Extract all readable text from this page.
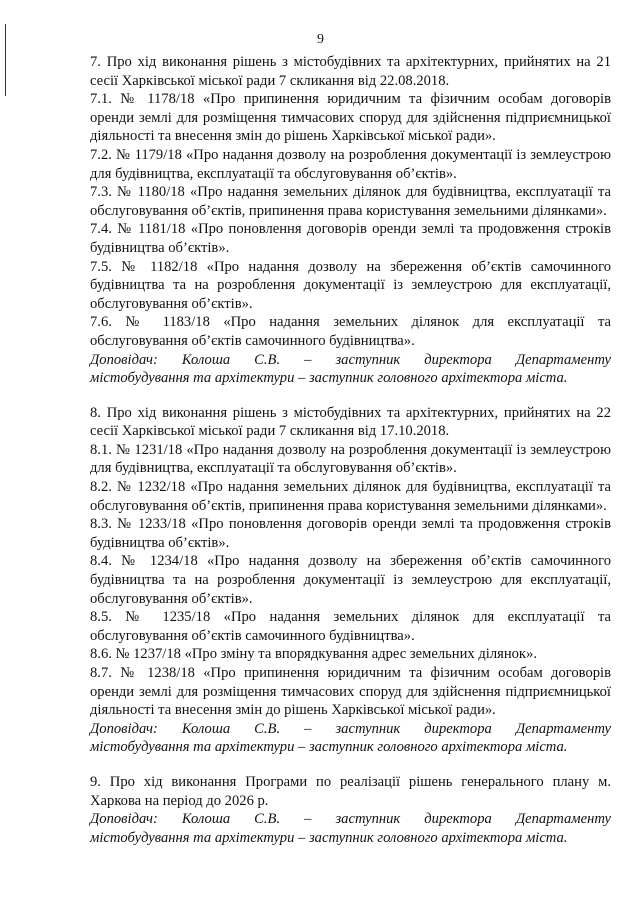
9

7. Про хід виконання рішень з містобудівних та архітектурних, прийнятих на 21 сесії Харківської міської ради 7 скликання від 22.08.2018.

7.1. № 1178/18 «Про припинення юридичним та фізичним особам договорів оренди землі для розміщення тимчасових споруд для здійснення підприємницької діяльності та внесення змін до рішень Харківської міської ради».

7.2. № 1179/18 «Про надання дозволу на розроблення документації із землеустрою для будівництва, експлуатації та обслуговування об’єктів».

7.3. № 1180/18 «Про надання земельних ділянок для будівництва, експлуатації та обслуговування об’єктів, припинення права користування земельними ділянками».

7.4. № 1181/18 «Про поновлення договорів оренди землі та продовження строків будівництва об’єктів».

7.5. № 1182/18 «Про надання дозволу на збереження об’єктів самочинного будівництва та на розроблення документації із землеустрою для експлуатації, обслуговування об’єктів».

7.6. № 1183/18 «Про надання земельних ділянок для експлуатації та обслуговування об’єктів самочинного будівництва».

Доповідач: Колоша С.В. – заступник директора Департаменту
містобудування та архітектури – заступник головного архітектора міста.

8. Про хід виконання рішень з містобудівних та архітектурних, прийнятих на 22 сесії Харківської міської ради 7 скликання від 17.10.2018.

8.1. № 1231/18 «Про надання дозволу на розроблення документації із землеустрою для будівництва, експлуатації та обслуговування об’єктів».

8.2. № 1232/18 «Про надання земельних ділянок для будівництва, експлуатації та обслуговування об’єктів, припинення права користування земельними ділянками».

8.3. № 1233/18 «Про поновлення договорів оренди землі та продовження строків будівництва об’єктів».

8.4. № 1234/18 «Про надання дозволу на збереження об’єктів самочинного будівництва та на розроблення документації із землеустрою для експлуатації, обслуговування об’єктів».

8.5. № 1235/18 «Про надання земельних ділянок для експлуатації та обслуговування об’єктів самочинного будівництва».

8.6. № 1237/18 «Про зміну та впорядкування адрес земельних ділянок».

8.7. № 1238/18 «Про припинення юридичним та фізичним особам договорів оренди землі для розміщення тимчасових споруд для здійснення підприємницької діяльності та внесення змін до рішень Харківської міської ради».

Доповідач: Колоша С.В. – заступник директора Департаменту
містобудування та архітектури – заступник головного архітектора міста.

9. Про хід виконання Програми по реалізації рішень генерального плану м. Харкова на період до 2026 р.

Доповідач: Колоша С.В. – заступник директора Департаменту
містобудування та архітектури – заступник головного архітектора міста.
